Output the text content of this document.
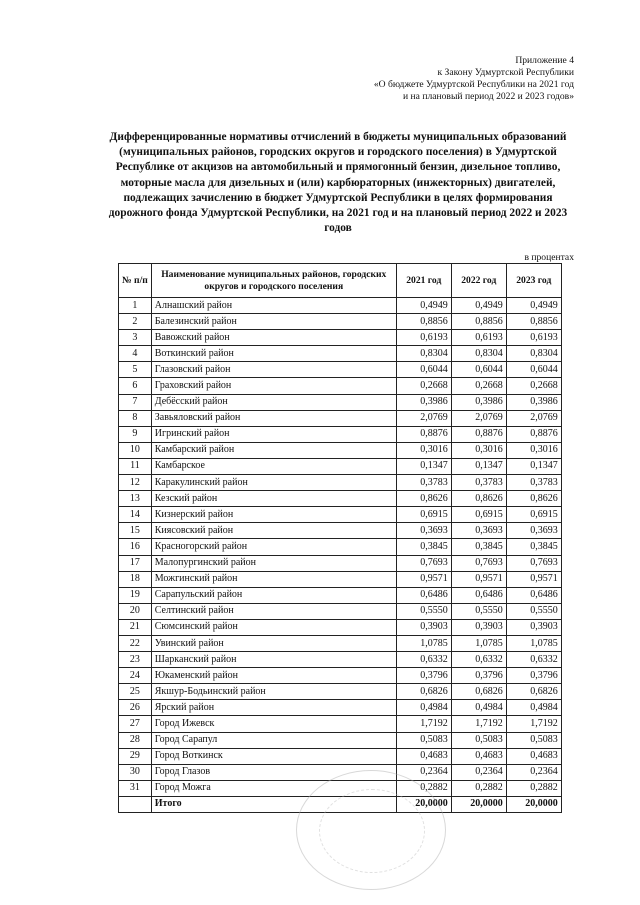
Приложение 4
к Закону Удмуртской Республики
«О бюджете Удмуртской Республики на 2021 год
и на плановый период 2022 и 2023 годов»
Дифференцированные нормативы отчислений в бюджеты муниципальных образований (муниципальных районов, городских округов и городского поселения) в Удмуртской Республике от акцизов на автомобильный и прямогонный бензин, дизельное топливо, моторные масла для дизельных и (или) карбюраторных (инжекторных) двигателей, подлежащих зачислению в бюджет Удмуртской Республики в целях формирования дорожного фонда Удмуртской Республики, на 2021 год и на плановый период 2022 и 2023 годов
в процентах
№ п/п	Наименование муниципальных районов, городских округов и городского поселения	2021 год	2022 год	2023 год
1	Алнашский район	0,4949	0,4949	0,4949
2	Балезинский район	0,8856	0,8856	0,8856
3	Вавожский район	0,6193	0,6193	0,6193
4	Воткинский район	0,8304	0,8304	0,8304
5	Глазовский район	0,6044	0,6044	0,6044
6	Граховский район	0,2668	0,2668	0,2668
7	Дебёсский район	0,3986	0,3986	0,3986
8	Завьяловский район	2,0769	2,0769	2,0769
9	Игринский район	0,8876	0,8876	0,8876
10	Камбарский район	0,3016	0,3016	0,3016
11	Камбарское	0,1347	0,1347	0,1347
12	Каракулинский район	0,3783	0,3783	0,3783
13	Кезский район	0,8626	0,8626	0,8626
14	Кизнерский район	0,6915	0,6915	0,6915
15	Киясовский район	0,3693	0,3693	0,3693
16	Красногорский район	0,3845	0,3845	0,3845
17	Малопургинский район	0,7693	0,7693	0,7693
18	Можгинский район	0,9571	0,9571	0,9571
19	Сарапульский район	0,6486	0,6486	0,6486
20	Селтинский район	0,5550	0,5550	0,5550
21	Сюмсинский район	0,3903	0,3903	0,3903
22	Увинский район	1,0785	1,0785	1,0785
23	Шарканский район	0,6332	0,6332	0,6332
24	Юкаменский район	0,3796	0,3796	0,3796
25	Якшур-Бодьинский район	0,6826	0,6826	0,6826
26	Ярский район	0,4984	0,4984	0,4984
27	Город Ижевск	1,7192	1,7192	1,7192
28	Город Сарапул	0,5083	0,5083	0,5083
29	Город Воткинск	0,4683	0,4683	0,4683
30	Город Глазов	0,2364	0,2364	0,2364
31	Город Можга	0,2882	0,2882	0,2882
	Итого	20,0000	20,0000	20,0000
